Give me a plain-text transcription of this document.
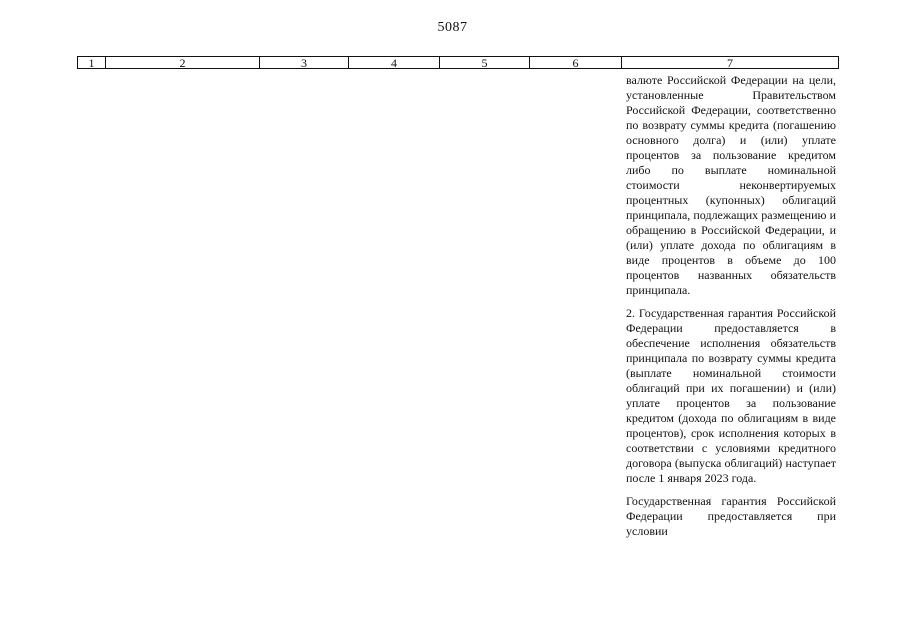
5087
1	2	3	4	5	6	7

валюте Российской Федерации на цели, установленные Правительством Российской Федерации, соответственно по возврату суммы кредита (погашению основного долга) и (или) уплате процентов за пользование кредитом либо по выплате номинальной стоимости неконвертируемых процентных (купонных) облигаций принципала, подлежащих размещению и обращению в Российской Федерации, и (или) уплате дохода по облигациям в виде процентов в объеме до 100 процентов названных обязательств принципала.

2. Государственная гарантия Российской Федерации предоставляется в обеспечение исполнения обязательств принципала по возврату суммы кредита (выплате номинальной стоимости облигаций при их погашении) и (или) уплате процентов за пользование кредитом (дохода по облигациям в виде процентов), срок исполнения которых в соответствии с условиями кредитного договора (выпуска облигаций) наступает после 1 января 2023 года.

Государственная гарантия Российской Федерации предоставляется при условии
